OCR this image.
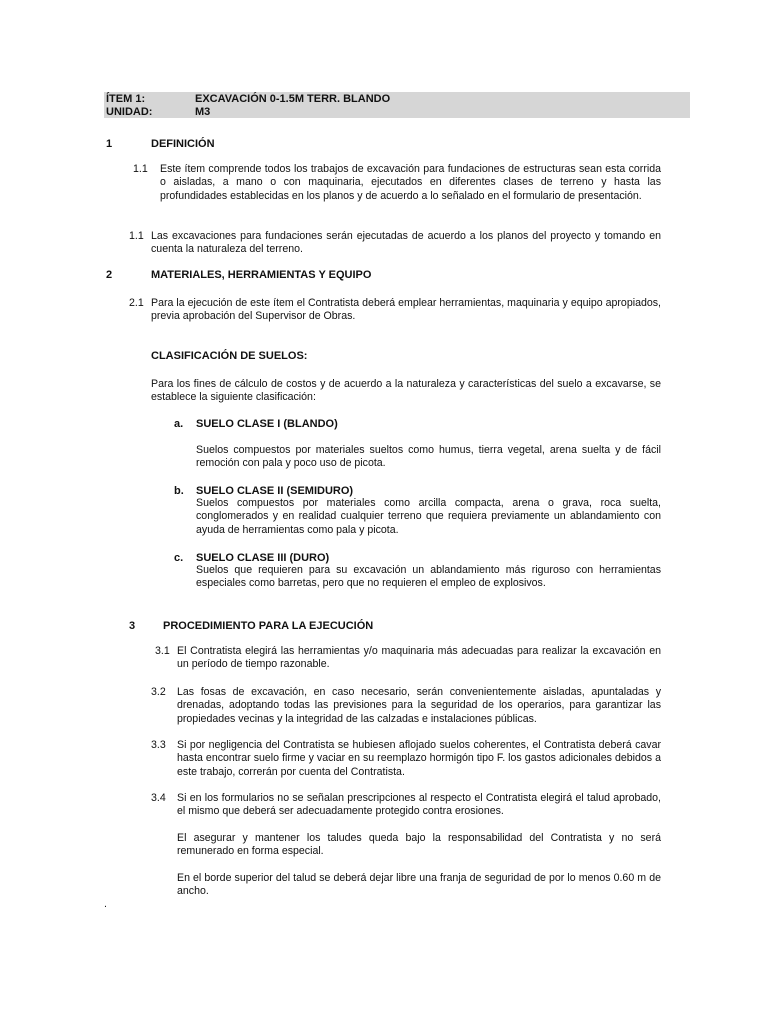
ÍTEM 1:	EXCAVACIÓN 0-1.5M TERR. BLANDO
UNIDAD:	M3
1	DEFINICIÓN
1.1 Este ítem comprende todos los trabajos de excavación para fundaciones de estructuras sean esta corrida o aisladas, a mano o con maquinaria, ejecutados en diferentes clases de terreno y hasta las profundidades establecidas en los planos y de acuerdo a lo señalado en el formulario de presentación.
1.1 Las excavaciones para fundaciones serán ejecutadas de acuerdo a los planos del proyecto y tomando en cuenta la naturaleza del terreno.
2	MATERIALES, HERRAMIENTAS Y EQUIPO
2.1 Para la ejecución de este ítem el Contratista deberá emplear herramientas, maquinaria y equipo apropiados, previa aprobación del Supervisor de Obras.
CLASIFICACIÓN DE SUELOS:
Para los fines de cálculo de costos y de acuerdo a la naturaleza y características del suelo a excavarse, se establece la siguiente clasificación:
a. SUELO CLASE I (BLANDO)
Suelos compuestos por materiales sueltos como humus, tierra vegetal, arena suelta y de fácil remoción con pala y poco uso de picota.
b. SUELO CLASE II (SEMIDURO)
Suelos compuestos por materiales como arcilla compacta, arena o grava, roca suelta, conglomerados y en realidad cualquier terreno que requiera previamente un ablandamiento con ayuda de herramientas como pala y picota.
c. SUELO CLASE III (DURO)
Suelos que requieren para su excavación un ablandamiento más riguroso con herramientas especiales como barretas, pero que no requieren el empleo de explosivos.
3	PROCEDIMIENTO PARA LA EJECUCIÓN
3.1 El Contratista elegirá las herramientas y/o maquinaria más adecuadas para realizar la excavación en un período de tiempo razonable.
3.2 Las fosas de excavación, en caso necesario, serán convenientemente aisladas, apuntaladas y drenadas, adoptando todas las previsiones para la seguridad de los operarios, para garantizar las propiedades vecinas y la integridad de las calzadas e instalaciones públicas.
3.3 Si por negligencia del Contratista se hubiesen aflojado suelos coherentes, el Contratista deberá cavar hasta encontrar suelo firme y vaciar en su reemplazo hormigón tipo F. los gastos adicionales debidos a este trabajo, correrán por cuenta del Contratista.
3.4 Si en los formularios no se señalan prescripciones al respecto el Contratista elegirá el talud aprobado, el mismo que deberá ser adecuadamente protegido contra erosiones.
El asegurar y mantener los taludes queda bajo la responsabilidad del Contratista y no será remunerado en forma especial.
En el borde superior del talud se deberá dejar libre una franja de seguridad de por lo menos 0.60 m de ancho.
.
